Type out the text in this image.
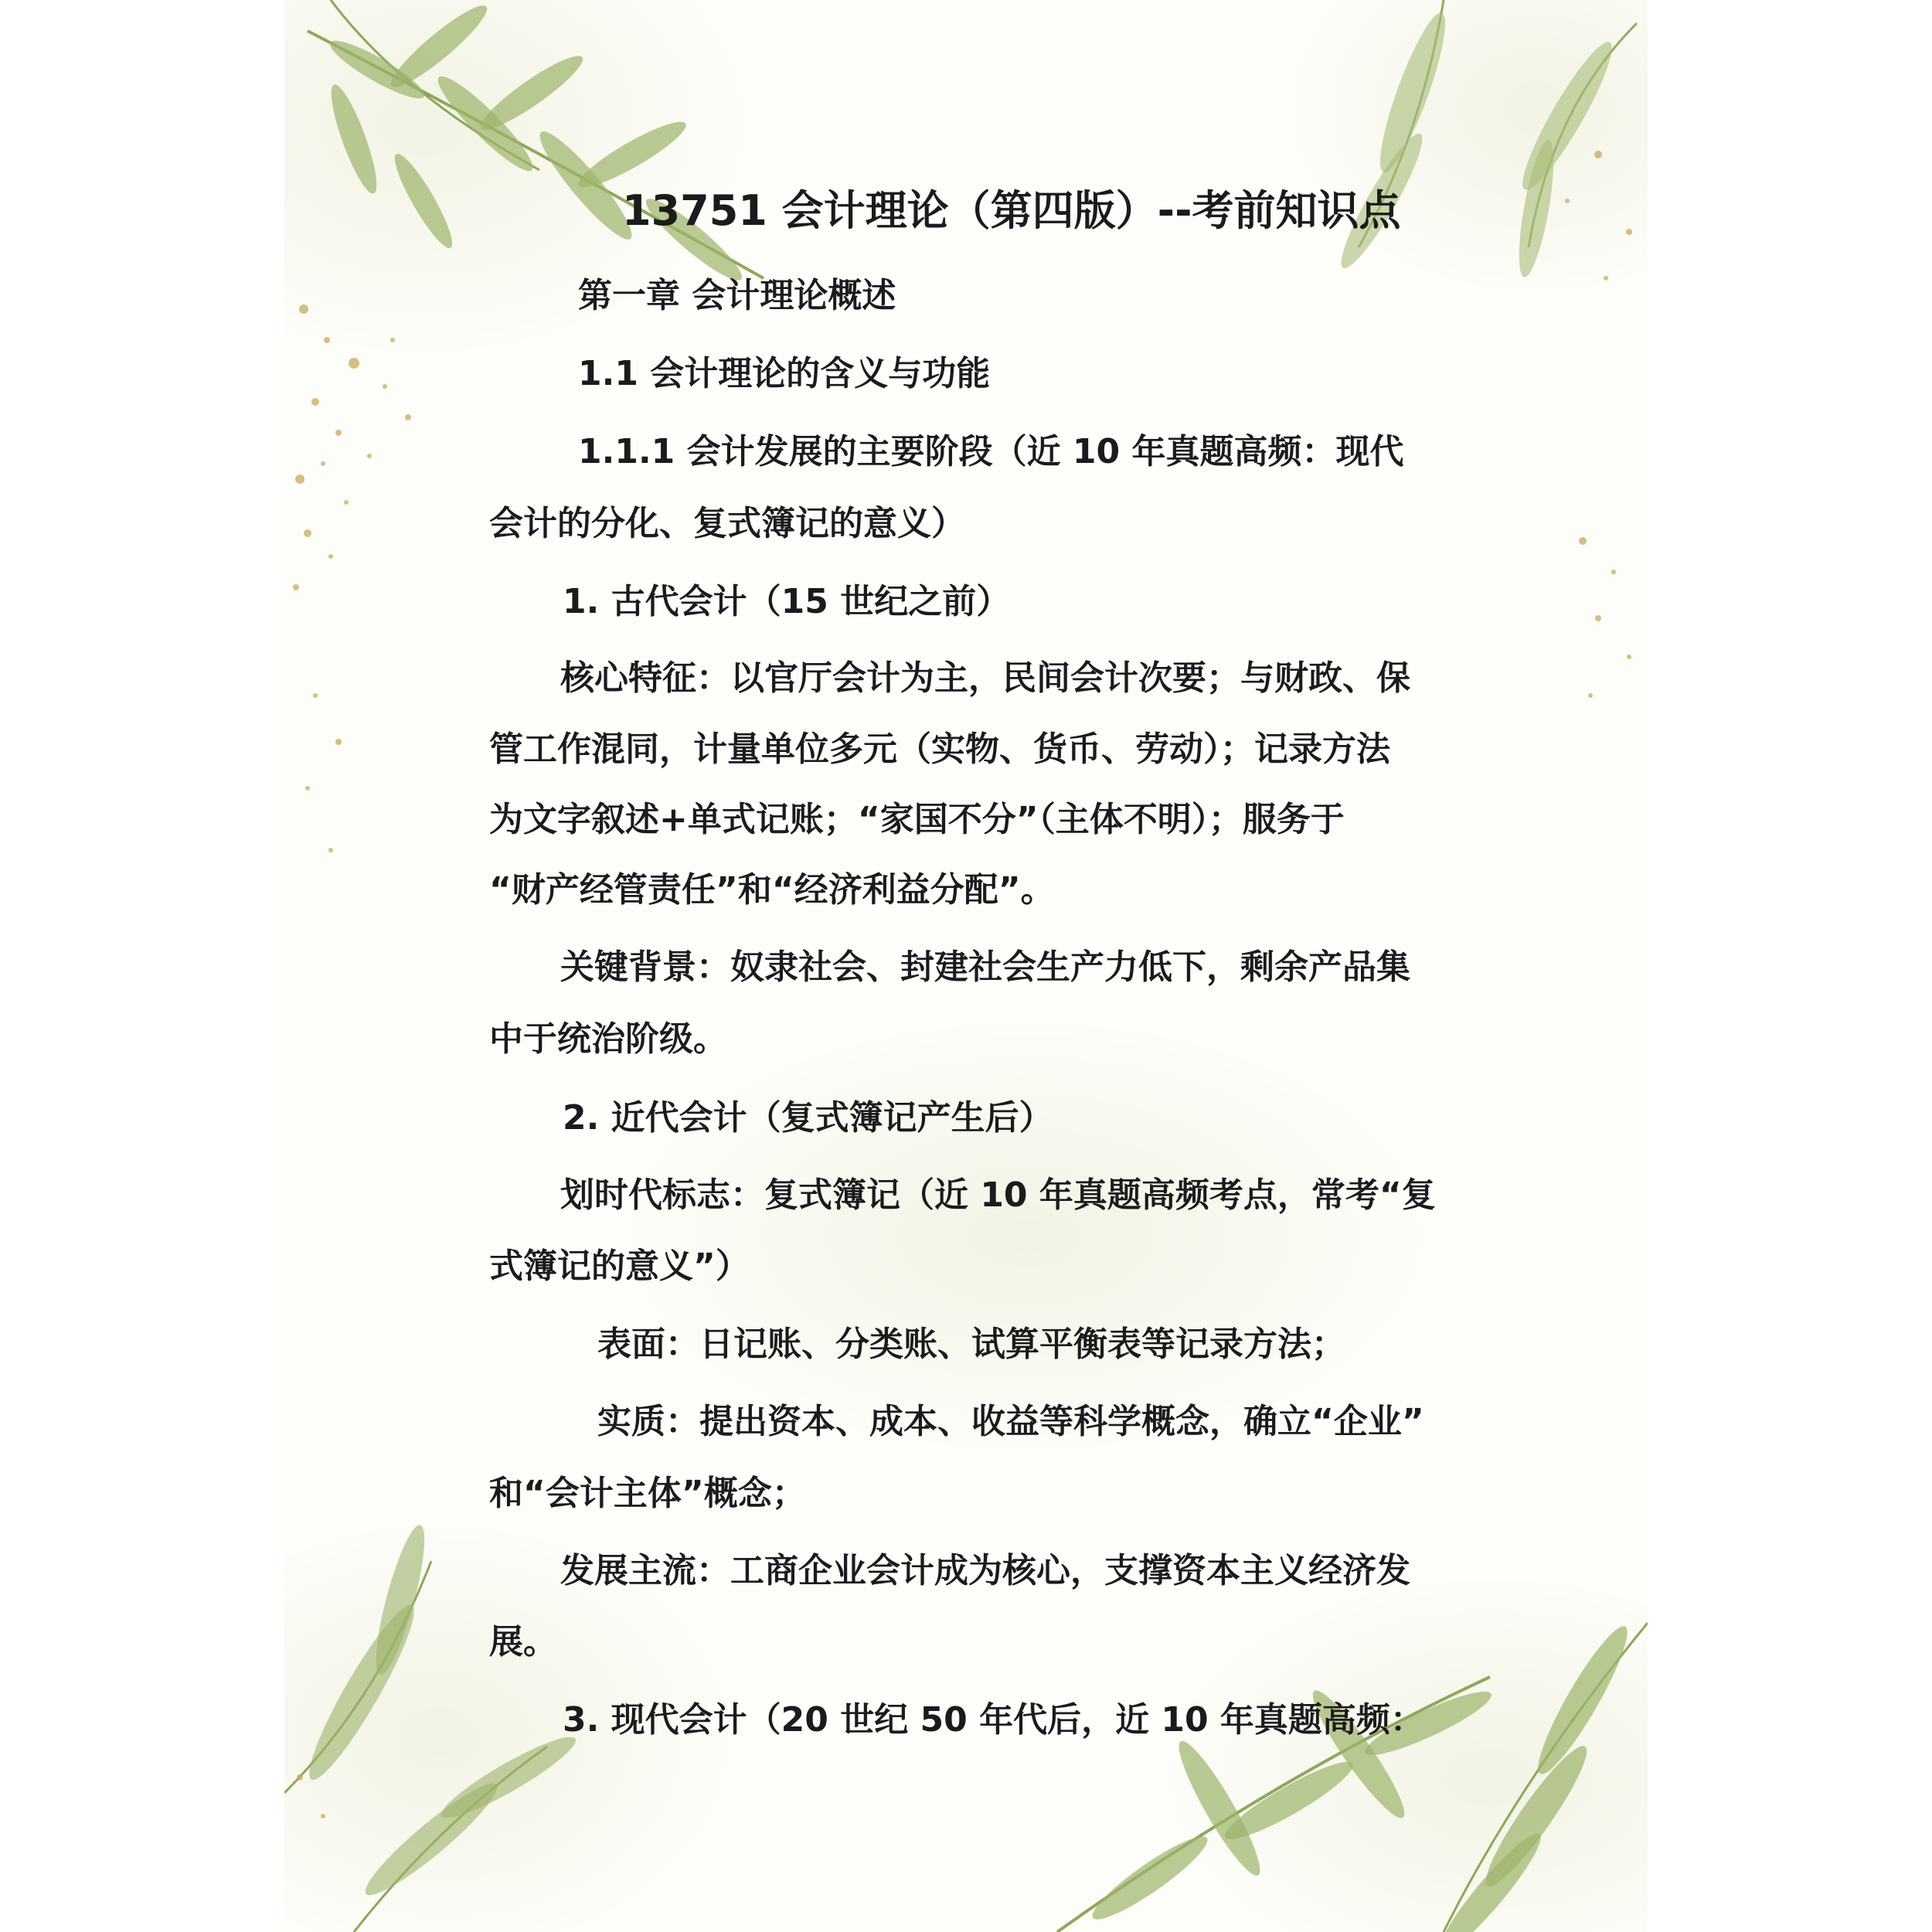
13751 会计理论（第四版）--考前知识点

第一章 会计理论概述

1.1 会计理论的含义与功能

1.1.1 会计发展的主要阶段（近 10 年真题高频：现代

会计的分化、复式簿记的意义）

1. 古代会计（15 世纪之前）

核心特征：以官厅会计为主，民间会计次要；与财政、保

管工作混同，计量单位多元（实物、货币、劳动）；记录方法

为文字叙述+单式记账；“家国不分”（主体不明）；服务于

“财产经管责任”和“经济利益分配”。

关键背景：奴隶社会、封建社会生产力低下，剩余产品集

中于统治阶级。

2. 近代会计（复式簿记产生后）

划时代标志：复式簿记（近 10 年真题高频考点，常考“复

式簿记的意义”）

表面：日记账、分类账、试算平衡表等记录方法；

实质：提出资本、成本、收益等科学概念，确立“企业”

和“会计主体”概念；

发展主流：工商企业会计成为核心，支撑资本主义经济发

展。

3. 现代会计（20 世纪 50 年代后，近 10 年真题高频：
